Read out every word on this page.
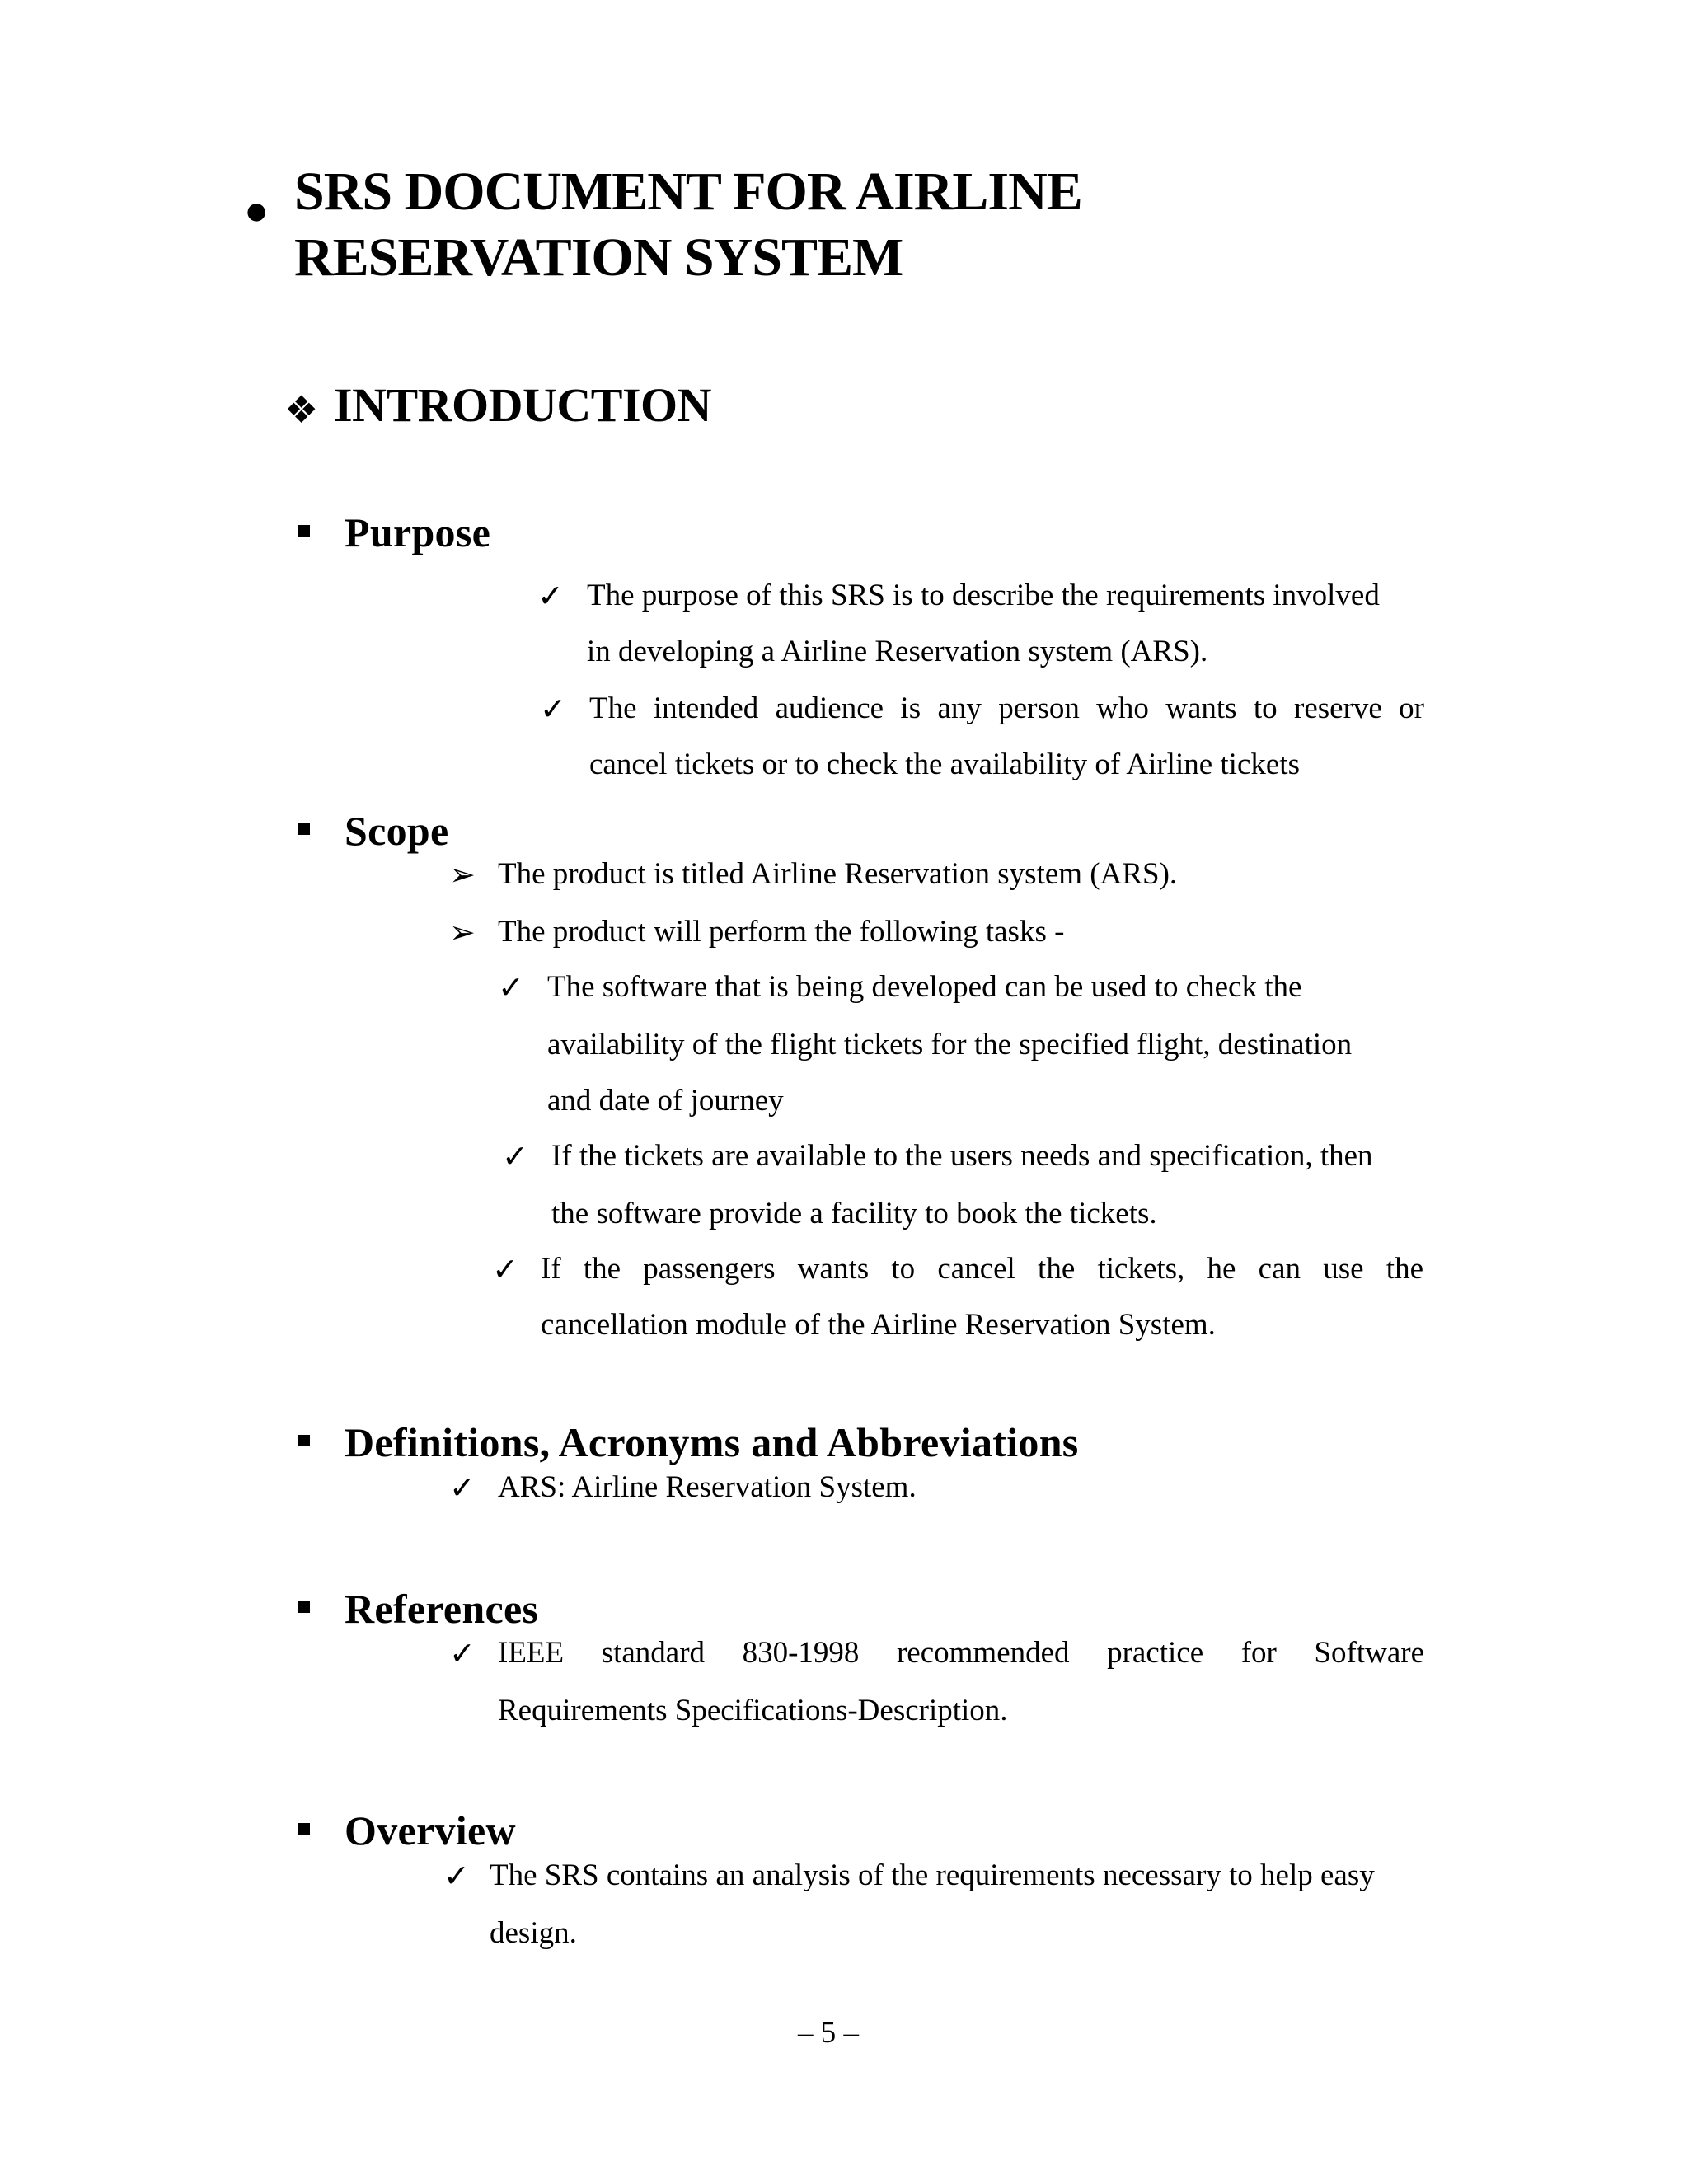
● SRS DOCUMENT FOR AIRLINE
RESERVATION SYSTEM
❖ INTRODUCTION
Purpose
✓ The purpose of this SRS is to describe the requirements involved
in developing a Airline Reservation system (ARS).
✓ The intended audience is any person who wants to reserve or
cancel tickets or to check the availability of Airline tickets
Scope
➢ The product is titled Airline Reservation system (ARS).
➢ The product will perform the following tasks -
✓ The software that is being developed can be used to check the
availability of the flight tickets for the specified flight, destination
and date of journey
✓ If the tickets are available to the users needs and specification, then
the software provide a facility to book the tickets.
✓ If the passengers wants to cancel the tickets, he can use the
cancellation module of the Airline Reservation System.
Definitions, Acronyms and Abbreviations
✓ ARS: Airline Reservation System.
References
✓ IEEE standard 830-1998 recommended practice for Software
Requirements Specifications-Description.
Overview
✓ The SRS contains an analysis of the requirements necessary to help easy
design.
– 5 –
